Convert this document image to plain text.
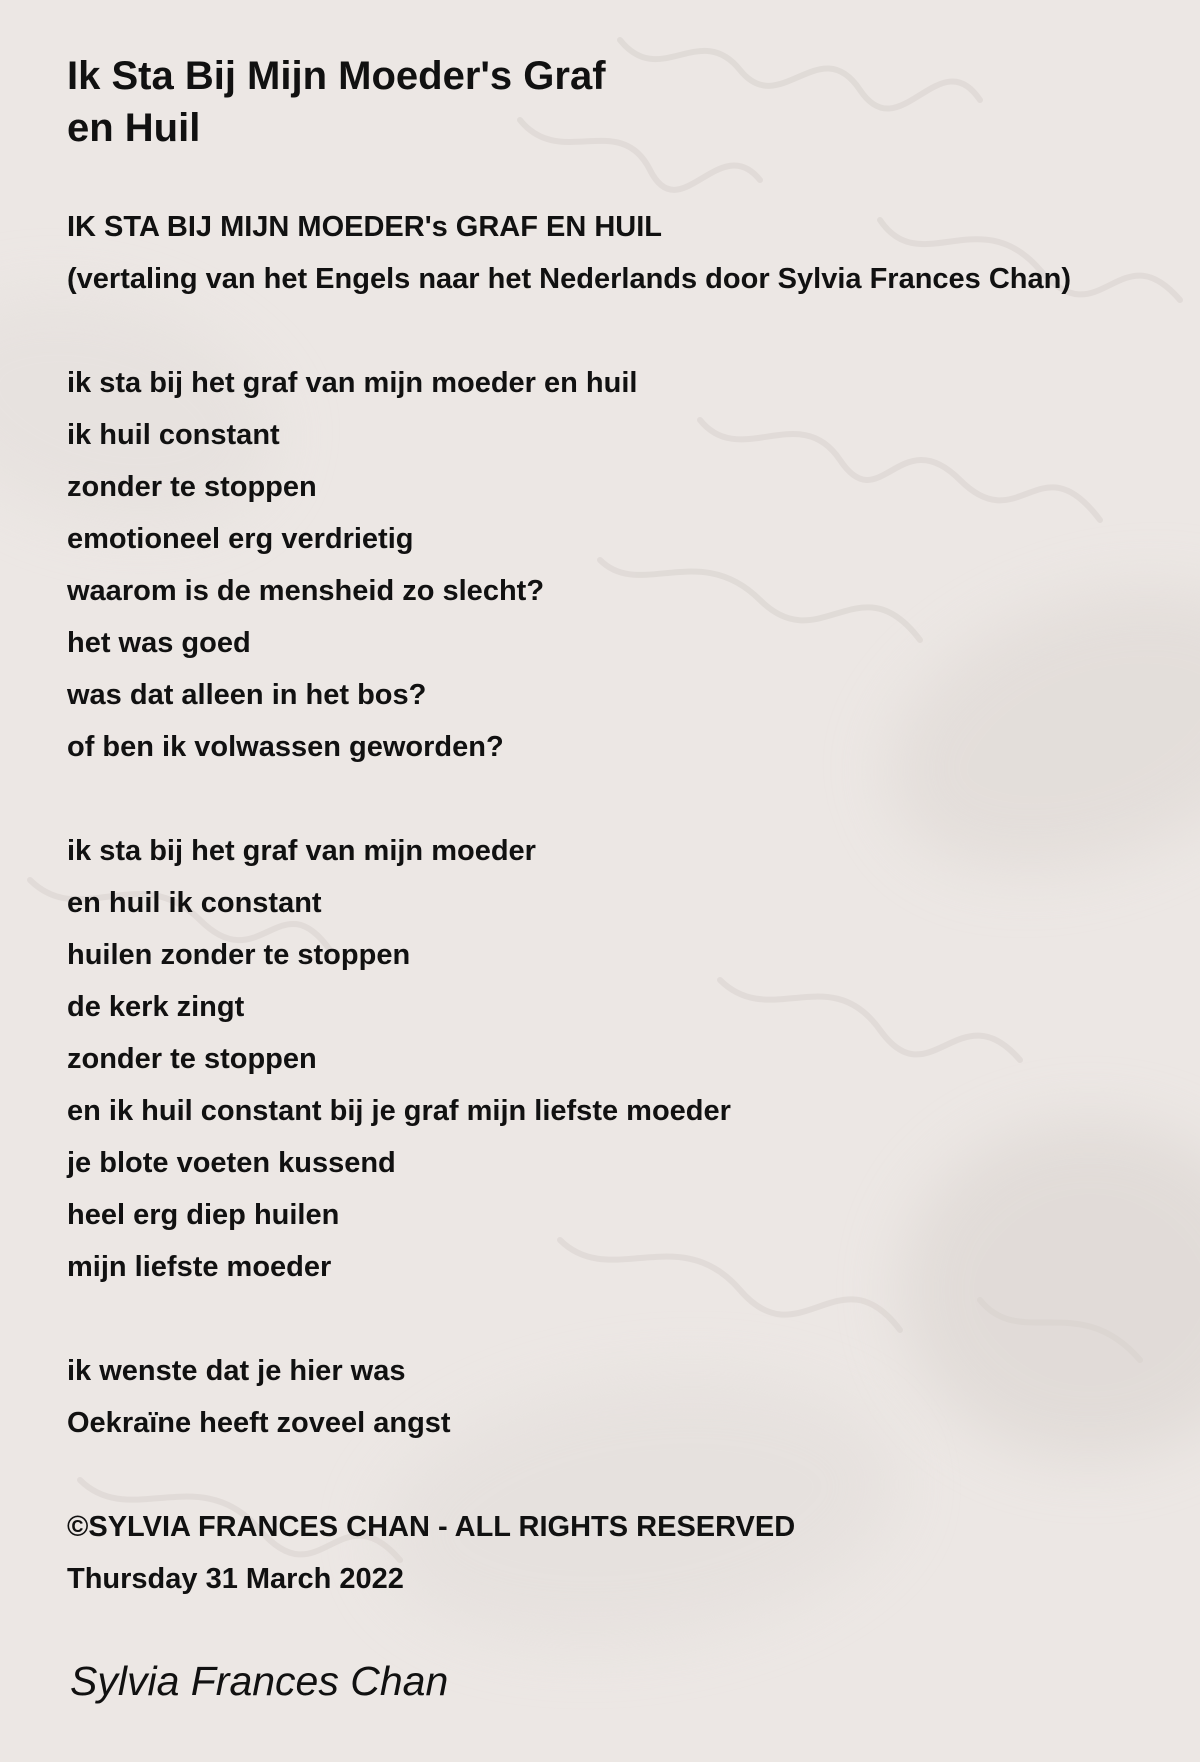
Ik Sta Bij Mijn Moeder's Graf
en Huil
IK STA BIJ MIJN MOEDER's GRAF EN HUIL
(vertaling van het Engels naar het Nederlands door Sylvia Frances Chan)
ik sta bij het graf van mijn moeder en huil
ik huil constant
zonder te stoppen
emotioneel erg verdrietig
waarom is de mensheid zo slecht?
het was goed
was dat alleen in het bos?
of ben ik volwassen geworden?
ik sta bij het graf van mijn moeder
en huil ik constant
huilen zonder te stoppen
de kerk zingt
zonder te stoppen
en ik huil constant bij je graf mijn liefste moeder
je blote voeten kussend
heel erg diep huilen
mijn liefste moeder
ik wenste dat je hier was
Oekraïne heeft zoveel angst
©SYLVIA FRANCES CHAN - ALL RIGHTS RESERVED
Thursday 31 March 2022
Sylvia Frances Chan
